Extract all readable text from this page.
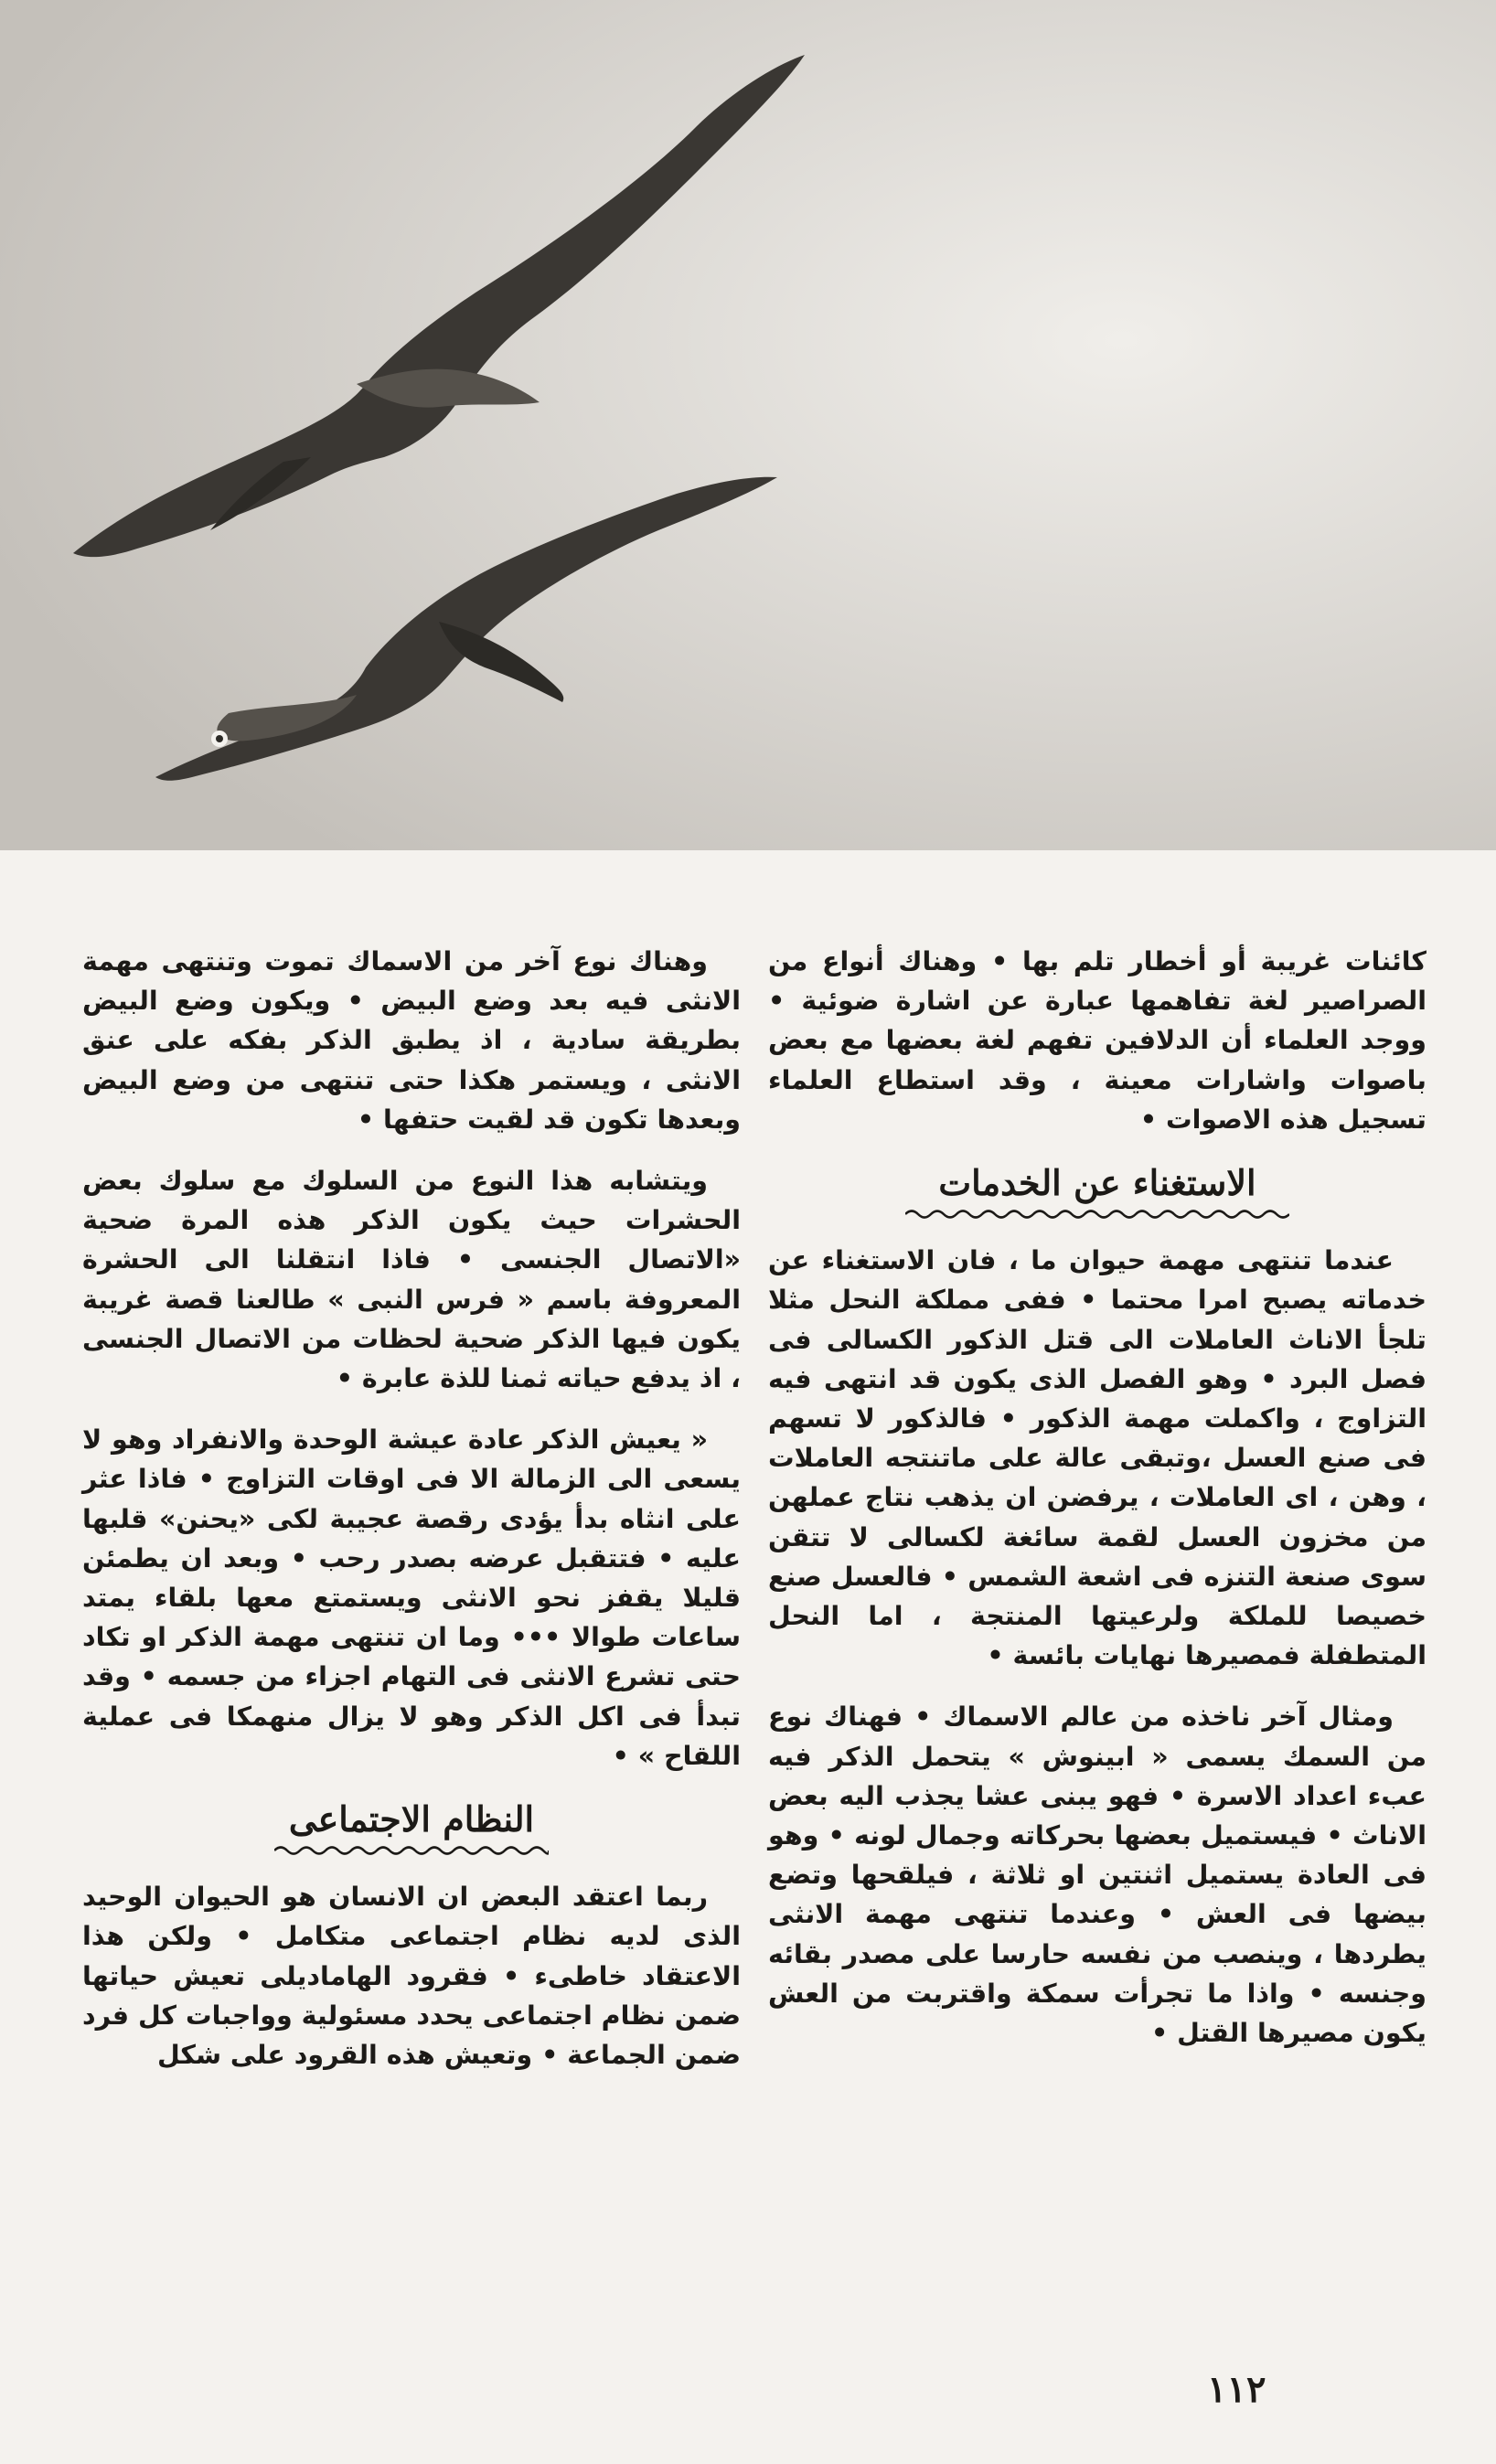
كائنات غريبة أو أخطار تلم بها • وهناك أنواع من الصراصير لغة تفاهمها عبارة عن اشارة ضوئية • ووجد العلماء أن الدلافين تفهم لغة بعضها مع بعض باصوات واشارات معينة ، وقد استطاع العلماء تسجيل هذه الاصوات •

الاستغناء عن الخدمات

عندما تنتهى مهمة حيوان ما ، فان الاستغناء عن خدماته يصبح امرا محتما • ففى مملكة النحل مثلا تلجأ الاناث العاملات الى قتل الذكور الكسالى فى فصل البرد • وهو الفصل الذى يكون قد انتهى فيه التزاوج ، واكملت مهمة الذكور • فالذكور لا تسهم فى صنع العسل ،وتبقى عالة على ماتنتجه العاملات ، وهن ، اى العاملات ، يرفضن ان يذهب نتاج عملهن من مخزون العسل لقمة سائغة لكسالى لا تتقن سوى صنعة التنزه فى اشعة الشمس • فالعسل صنع خصيصا للملكة ولرعيتها المنتجة ، اما النحل المتطفلة فمصيرها نهايات بائسة •

ومثال آخر ناخذه من عالم الاسماك • فهناك نوع من السمك يسمى « ابينوش » يتحمل الذكر فيه عبء اعداد الاسرة • فهو يبنى عشا يجذب اليه بعض الاناث • فيستميل بعضها بحركاته وجمال لونه • وهو فى العادة يستميل اثنتين او ثلاثة ، فيلقحها وتضع بيضها فى العش • وعندما تنتهى مهمة الانثى يطردها ، وينصب من نفسه حارسا على مصدر بقائه وجنسه • واذا ما تجرأت سمكة واقتربت من العش يكون مصيرها القتل •

وهناك نوع آخر من الاسماك تموت وتنتهى مهمة الانثى فيه بعد وضع البيض • ويكون وضع البيض بطريقة سادية ، اذ يطبق الذكر بفكه على عنق الانثى ، ويستمر هكذا حتى تنتهى من وضع البيض وبعدها تكون قد لقيت حتفها •

ويتشابه هذا النوع من السلوك مع سلوك بعض الحشرات حيث يكون الذكر هذه المرة ضحية «الاتصال الجنسى • فاذا انتقلنا الى الحشرة المعروفة باسم « فرس النبى » طالعنا قصة غريبة يكون فيها الذكر ضحية لحظات من الاتصال الجنسى ، اذ يدفع حياته ثمنا للذة عابرة •

« يعيش الذكر عادة عيشة الوحدة والانفراد وهو لا يسعى الى الزمالة الا فى اوقات التزاوج • فاذا عثر على انثاه بدأ يؤدى رقصة عجيبة لكى «يحنن» قلبها عليه • فتتقبل عرضه بصدر رحب • وبعد ان يطمئن قليلا يقفز نحو الانثى ويستمتع معها بلقاء يمتد ساعات طوالا ••• وما ان تنتهى مهمة الذكر او تكاد حتى تشرع الانثى فى التهام اجزاء من جسمه • وقد تبدأ فى اكل الذكر وهو لا يزال منهمكا فى عملية اللقاح » •

النظام الاجتماعى

ربما اعتقد البعض ان الانسان هو الحيوان الوحيد الذى لديه نظام اجتماعى متكامل • ولكن هذا الاعتقاد خاطىء • فقرود الهاماديلى تعيش حياتها ضمن نظام اجتماعى يحدد مسئولية وواجبات كل فرد ضمن الجماعة • وتعيش هذه القرود على شكل

١١٢
